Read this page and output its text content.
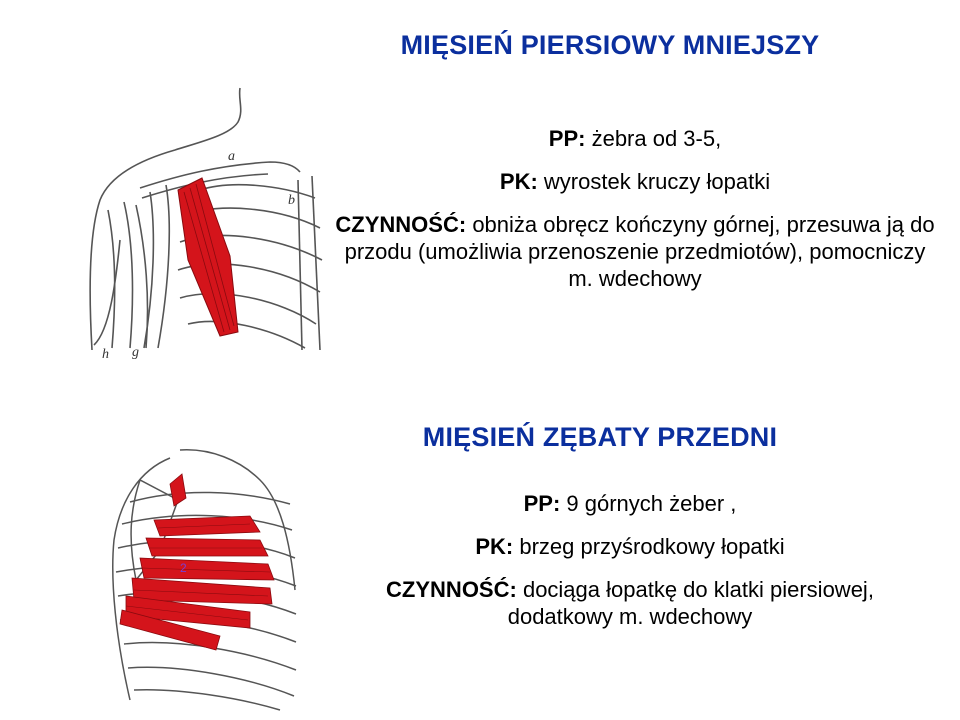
MIĘSIEŃ PIERSIOWY MNIEJSZY

PP: żebra od 3-5,

PK: wyrostek kruczy łopatki

CZYNNOŚĆ: obniża obręcz kończyny górnej, przesuwa ją do przodu (umożliwia przenoszenie przedmiotów), pomocniczy m. wdechowy

a
b
h g
MIĘSIEŃ ZĘBATY PRZEDNI

PP: 9 górnych żeber ,

PK: brzeg przyśrodkowy łopatki

CZYNNOŚĆ: dociąga łopatkę do klatki piersiowej, dodatkowy m. wdechowy

2
